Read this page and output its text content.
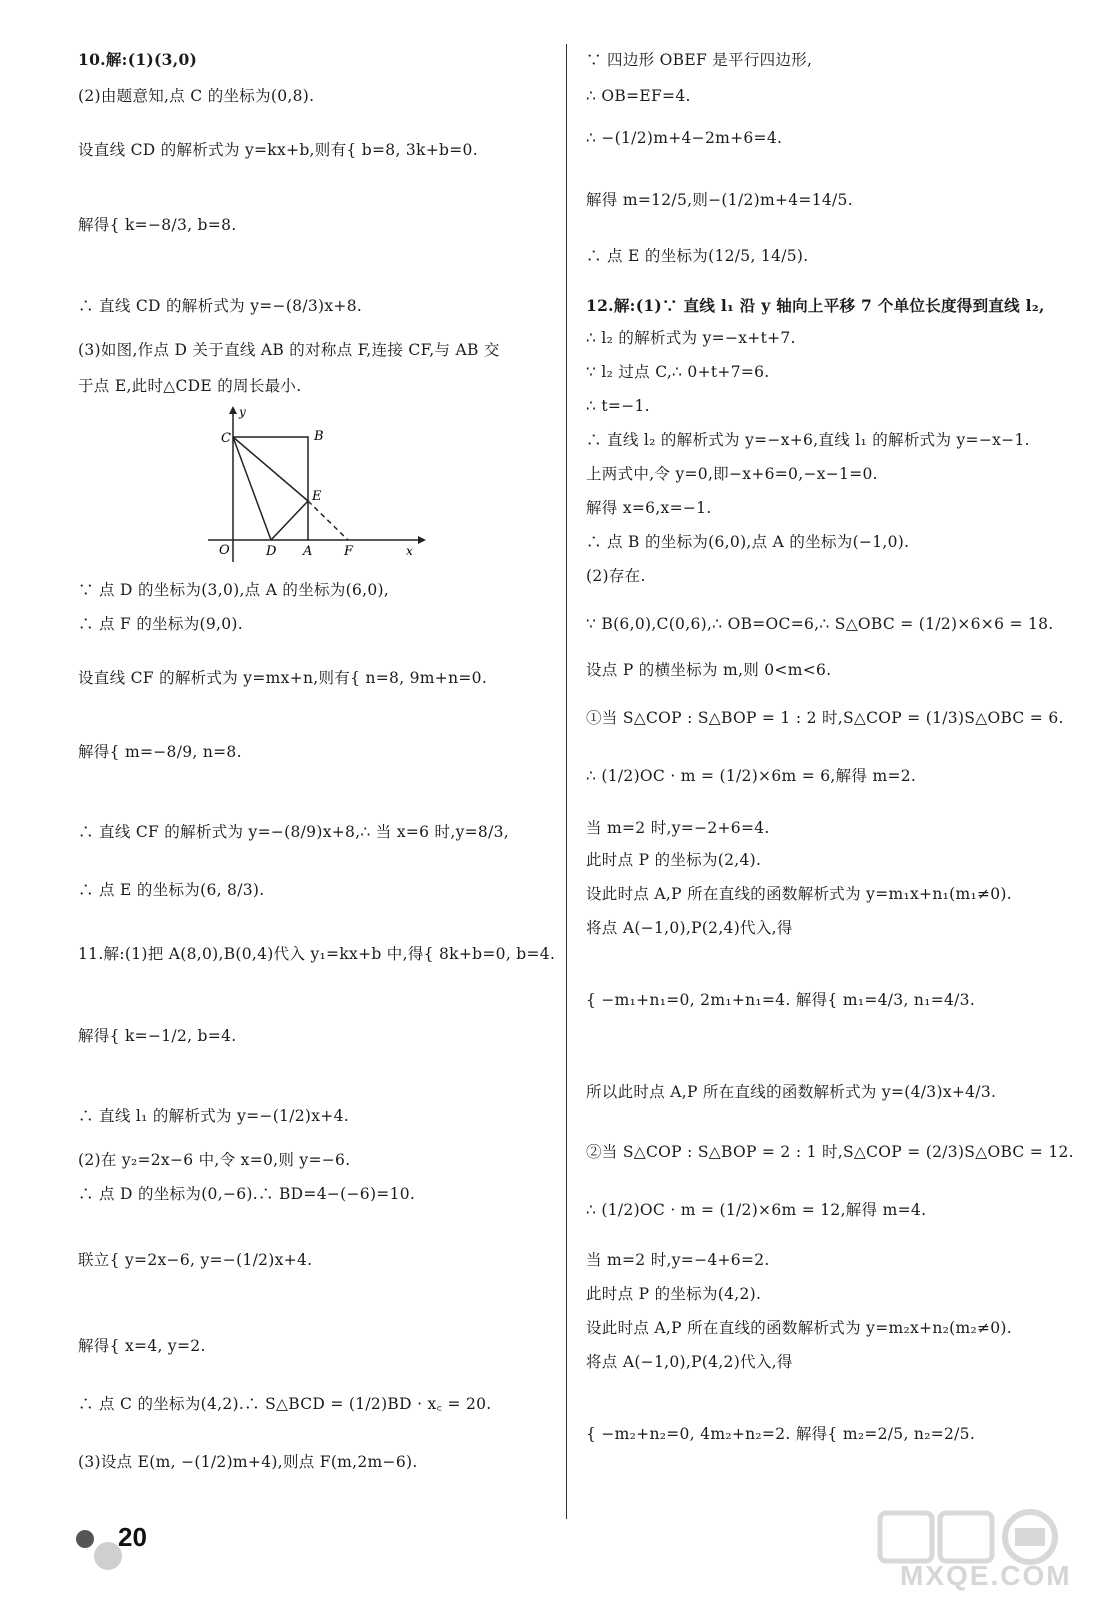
10.解:(1)(3,0)
(2)由题意知,点 C 的坐标为(0,8).
设直线 CD 的解析式为 y=kx+b,则有{ b=8, 3k+b=0.
解得{ k=−8/3, b=8.
∴ 直线 CD 的解析式为 y=−(8/3)x+8.
(3)如图,作点 D 关于直线 AB 的对称点 F,连接 CF,与 AB 交
于点 E,此时△CDE 的周长最小.
y
C	B
E
O	D A F	x
∵ 点 D 的坐标为(3,0),点 A 的坐标为(6,0),
∴ 点 F 的坐标为(9,0).
设直线 CF 的解析式为 y=mx+n,则有{ n=8, 9m+n=0.
解得{ m=−8/9, n=8.
∴ 直线 CF 的解析式为 y=−(8/9)x+8,∴ 当 x=6 时,y=8/3,
∴ 点 E 的坐标为(6, 8/3).
11.解:(1)把 A(8,0),B(0,4)代入 y₁=kx+b 中,得{ 8k+b=0, b=4.
解得{ k=−1/2, b=4.
∴ 直线 l₁ 的解析式为 y=−(1/2)x+4.
(2)在 y₂=2x−6 中,令 x=0,则 y=−6.
∴ 点 D 的坐标为(0,−6).∴ BD=4−(−6)=10.
联立{ y=2x−6, y=−(1/2)x+4.
解得{ x=4, y=2.
∴ 点 C 的坐标为(4,2).∴ S△BCD = (1/2)BD · x꜀ = 20.
(3)设点 E(m, −(1/2)m+4),则点 F(m,2m−6).
∵ 四边形 OBEF 是平行四边形,
∴ OB=EF=4.
∴ −(1/2)m+4−2m+6=4.
解得 m=12/5,则−(1/2)m+4=14/5.
∴ 点 E 的坐标为(12/5, 14/5).
12.解:(1)∵ 直线 l₁ 沿 y 轴向上平移 7 个单位长度得到直线 l₂,
∴ l₂ 的解析式为 y=−x+t+7.
∵ l₂ 过点 C,∴ 0+t+7=6.
∴ t=−1.
∴ 直线 l₂ 的解析式为 y=−x+6,直线 l₁ 的解析式为 y=−x−1.
上两式中,令 y=0,即−x+6=0,−x−1=0.
解得 x=6,x=−1.
∴ 点 B 的坐标为(6,0),点 A 的坐标为(−1,0).
(2)存在.
∵ B(6,0),C(0,6),∴ OB=OC=6,∴ S△OBC = (1/2)×6×6 = 18.
设点 P 的横坐标为 m,则 0<m<6.
①当 S△COP : S△BOP = 1 : 2 时,S△COP = (1/3)S△OBC = 6.
∴ (1/2)OC · m = (1/2)×6m = 6,解得 m=2.
当 m=2 时,y=−2+6=4.
此时点 P 的坐标为(2,4).
设此时点 A,P 所在直线的函数解析式为 y=m₁x+n₁(m₁≠0).
将点 A(−1,0),P(2,4)代入,得
{ −m₁+n₁=0, 2m₁+n₁=4. 解得{ m₁=4/3, n₁=4/3.
所以此时点 A,P 所在直线的函数解析式为 y=(4/3)x+4/3.
②当 S△COP : S△BOP = 2 : 1 时,S△COP = (2/3)S△OBC = 12.
∴ (1/2)OC · m = (1/2)×6m = 12,解得 m=4.
当 m=2 时,y=−4+6=2.
此时点 P 的坐标为(4,2).
设此时点 A,P 所在直线的函数解析式为 y=m₂x+n₂(m₂≠0).
将点 A(−1,0),P(4,2)代入,得
{ −m₂+n₂=0, 4m₂+n₂=2. 解得{ m₂=2/5, n₂=2/5.
20
MXQE.COM
